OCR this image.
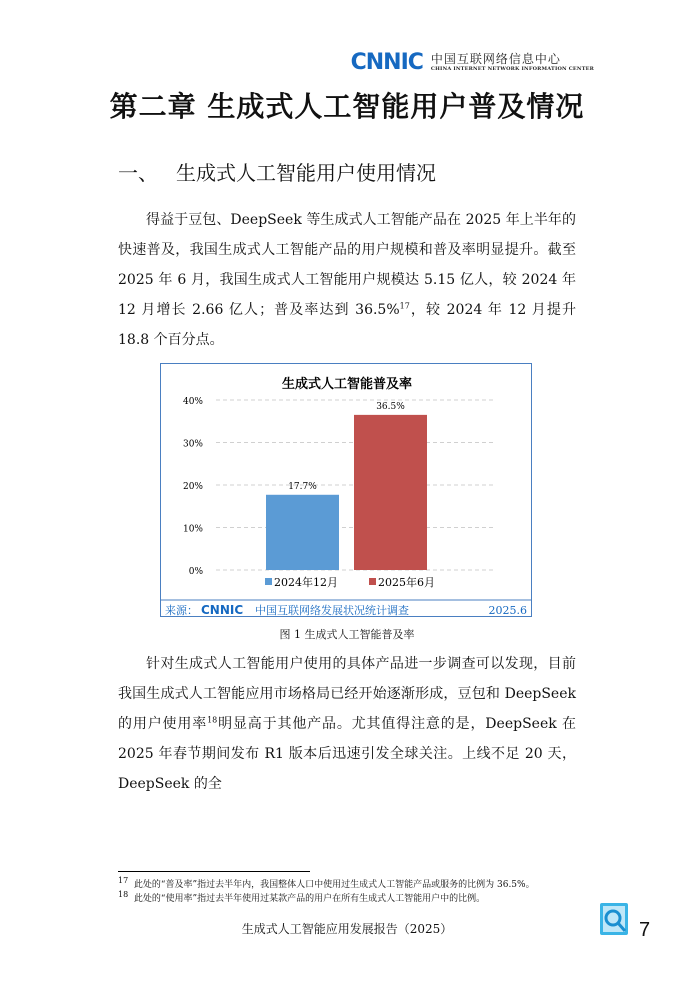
CNNIC 中国互联网络信息中心
CHINA INTERNET NETWORK INFORMATION CENTER
第二章 生成式人工智能用户普及情况
一、 生成式人工智能用户使用情况
得益于豆包、DeepSeek 等生成式人工智能产品在 2025 年上半年的快速普及，我国生成式人工智能产品的用户规模和普及率明显提升。截至 2025 年 6 月，我国生成式人工智能用户规模达 5.15 亿人，较 2024 年 12 月增长 2.66 亿人；普及率达到 36.5%$^{17}$，较 2024 年 12 月提升 18.8 个百分点。
生成式人工智能普及率
0%
10%
20%
30%
40%
17.7%
2024年12月
36.5%
2025年6月
来源： CNNIC 中国互联网络发展状况统计调查	2025.6
图 1 生成式人工智能普及率
针对生成式人工智能用户使用的具体产品进一步调查可以发现，目前我国生成式人工智能应用市场格局已经开始逐渐形成，豆包和 DeepSeek 的用户使用率$^{18}$明显高于其他产品。尤其值得注意的是，DeepSeek 在 2025 年春节期间发布 R1 版本后迅速引发全球关注。上线不足 20 天，DeepSeek 的全
$^{17}$ 此处的“普及率”指过去半年内，我国整体人口中使用过生成式人工智能产品或服务的比例为 36.5%。
$^{18}$ 此处的“使用率”指过去半年使用过某款产品的用户在所有生成式人工智能用户中的比例。
生成式人工智能应用发展报告（2025）	7
